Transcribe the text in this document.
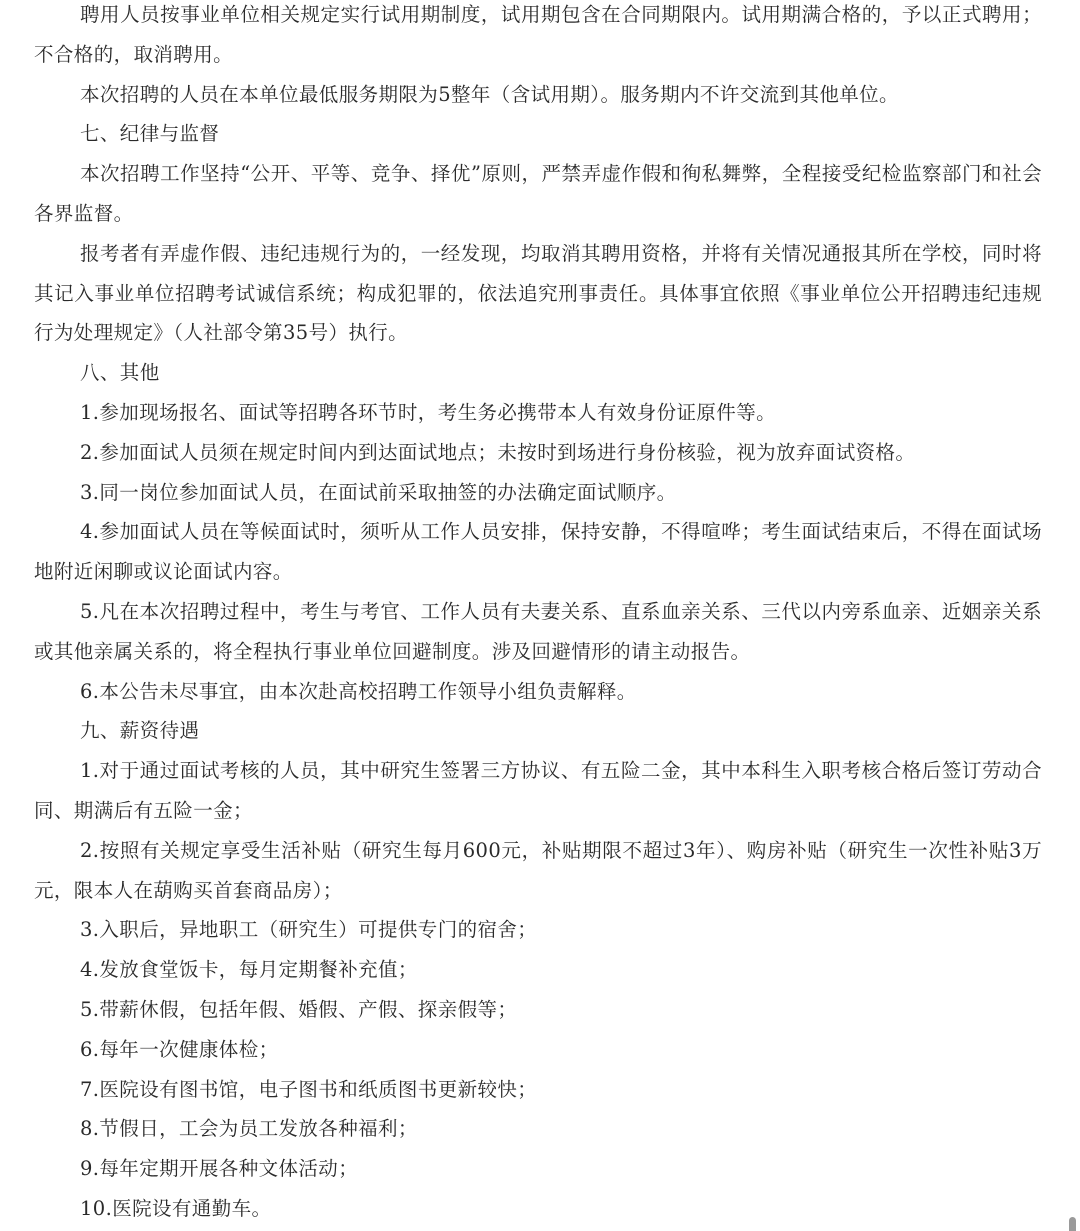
聘用人员按事业单位相关规定实行试用期制度，试用期包含在合同期限内。试用期满合格的，予以正式聘用；不合格的，取消聘用。

本次招聘的人员在本单位最低服务期限为5整年（含试用期）。服务期内不许交流到其他单位。

七、纪律与监督

本次招聘工作坚持“公开、平等、竞争、择优”原则，严禁弄虚作假和徇私舞弊，全程接受纪检监察部门和社会各界监督。

报考者有弄虚作假、违纪违规行为的，一经发现，均取消其聘用资格，并将有关情况通报其所在学校，同时将其记入事业单位招聘考试诚信系统；构成犯罪的，依法追究刑事责任。具体事宜依照《事业单位公开招聘违纪违规行为处理规定》（人社部令第35号）执行。

八、其他

1.参加现场报名、面试等招聘各环节时，考生务必携带本人有效身份证原件等。

2.参加面试人员须在规定时间内到达面试地点；未按时到场进行身份核验，视为放弃面试资格。

3.同一岗位参加面试人员，在面试前采取抽签的办法确定面试顺序。

4.参加面试人员在等候面试时，须听从工作人员安排，保持安静，不得喧哗；考生面试结束后，不得在面试场地附近闲聊或议论面试内容。

5.凡在本次招聘过程中，考生与考官、工作人员有夫妻关系、直系血亲关系、三代以内旁系血亲、近姻亲关系或其他亲属关系的，将全程执行事业单位回避制度。涉及回避情形的请主动报告。

6.本公告未尽事宜，由本次赴高校招聘工作领导小组负责解释。

九、薪资待遇

1.对于通过面试考核的人员，其中研究生签署三方协议、有五险二金，其中本科生入职考核合格后签订劳动合同、期满后有五险一金；

2.按照有关规定享受生活补贴（研究生每月600元，补贴期限不超过3年）、购房补贴（研究生一次性补贴3万元，限本人在葫购买首套商品房）；

3.入职后，异地职工（研究生）可提供专门的宿舍；

4.发放食堂饭卡，每月定期餐补充值；

5.带薪休假，包括年假、婚假、产假、探亲假等；

6.每年一次健康体检；

7.医院设有图书馆，电子图书和纸质图书更新较快；

8.节假日，工会为员工发放各种福利；

9.每年定期开展各种文体活动；

10.医院设有通勤车。
